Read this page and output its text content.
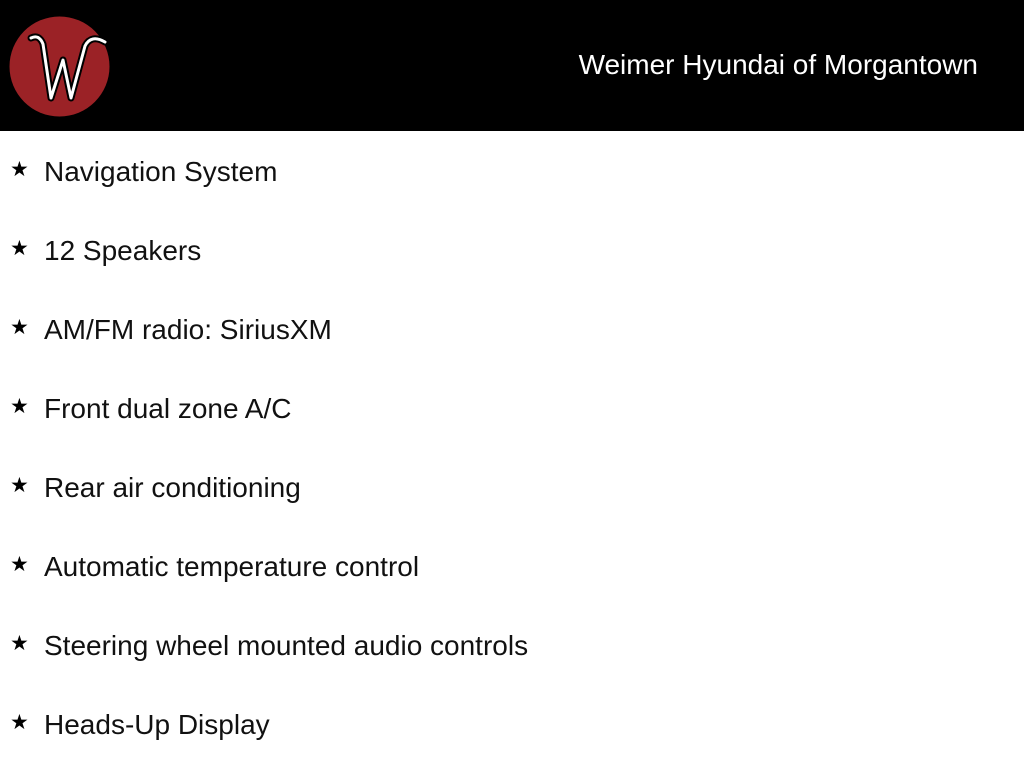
Weimer Hyundai of Morgantown
★ Navigation System
★ 12 Speakers
★ AM/FM radio: SiriusXM
★ Front dual zone A/C
★ Rear air conditioning
★ Automatic temperature control
★ Steering wheel mounted audio controls
★ Heads-Up Display
